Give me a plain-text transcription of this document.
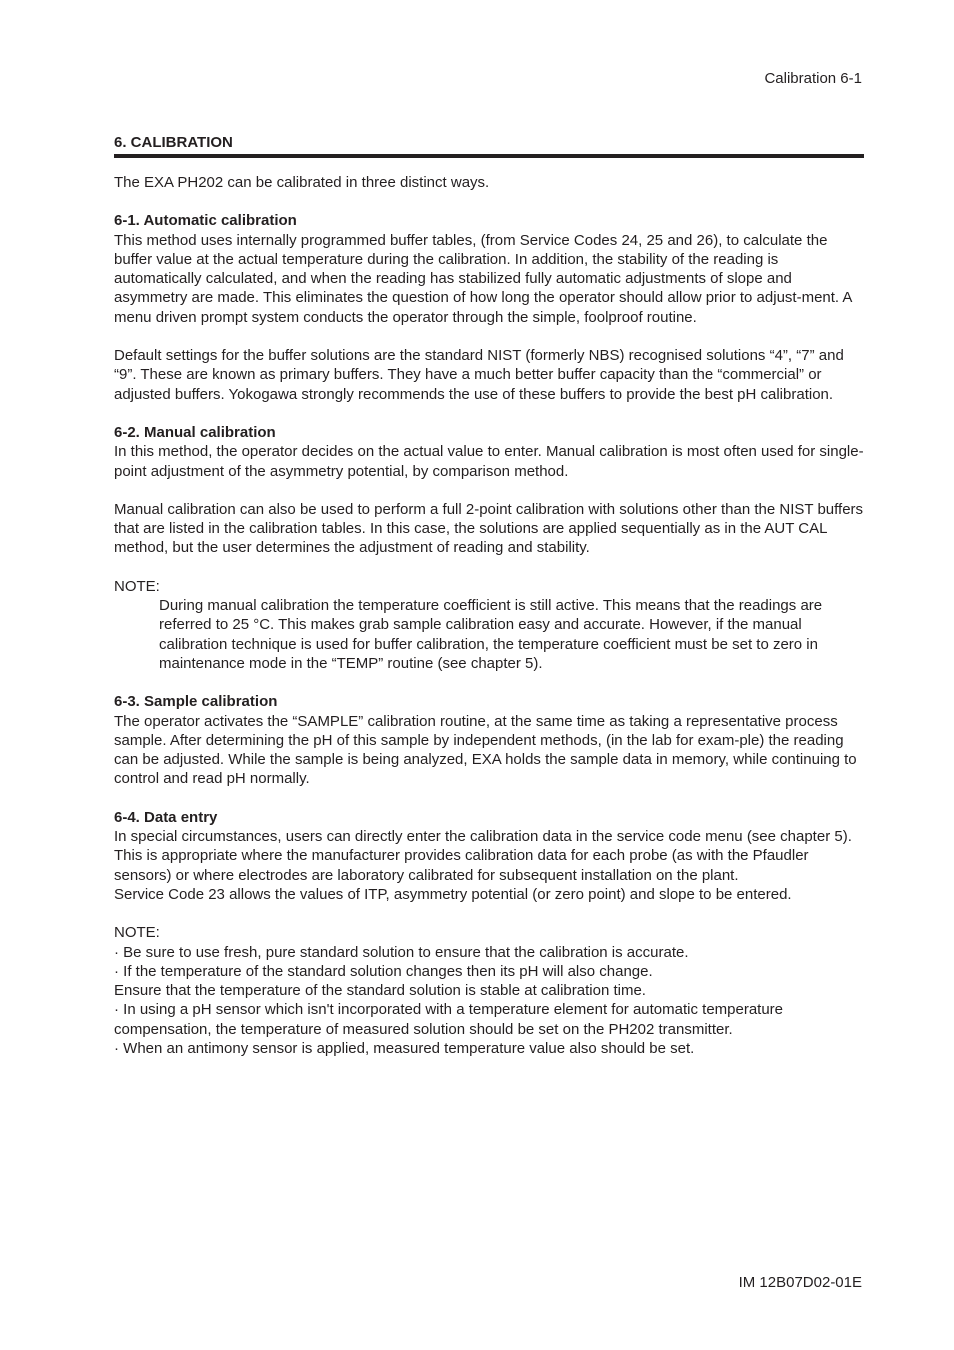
Calibration 6-1
6. CALIBRATION

The EXA PH202 can be calibrated in three distinct ways.

6-1. Automatic calibration

This method uses internally programmed buffer tables, (from Service Codes 24, 25 and 26), to calculate the buffer value at the actual temperature during the calibration. In addition, the stability of the reading is automatically calculated, and when the reading has stabilized fully automatic adjustments of slope and asymmetry are made. This eliminates the question of how long the operator should allow prior to adjust-ment. A menu driven prompt system conducts the operator through the simple, foolproof routine.

Default settings for the buffer solutions are the standard NIST (formerly NBS) recognised solutions “4”, “7” and “9”. These are known as primary buffers. They have a much better buffer capacity than the “commercial” or adjusted buffers. Yokogawa strongly recommends the use of these buffers to provide the best pH calibration.

6-2. Manual calibration

In this method, the operator decides on the actual value to enter. Manual calibration is most often used for single-point adjustment of the asymmetry potential, by comparison method.

Manual calibration can also be used to perform a full 2-point calibration with solutions other than the NIST buffers that are listed in the calibration tables. In this case, the solutions are applied sequentially as in the AUT CAL method, but the user determines the adjustment of reading and stability.

NOTE:

During manual calibration the temperature coefficient is still active. This means that the readings are referred to 25 °C. This makes grab sample calibration easy and accurate. However, if the manual calibration technique is used for buffer calibration, the temperature coefficient must be set to zero in maintenance mode in the “TEMP” routine (see chapter 5).

6-3. Sample calibration

The operator activates the “SAMPLE” calibration routine, at the same time as taking a representative process sample. After determining the pH of this sample by independent methods, (in the lab for exam-ple) the reading can be adjusted. While the sample is being analyzed, EXA holds the sample data in memory, while continuing to control and read pH normally.

6-4. Data entry

In special circumstances, users can directly enter the calibration data in the service code menu (see chapter 5). This is appropriate where the manufacturer provides calibration data for each probe (as with the Pfaudler sensors) or where electrodes are laboratory calibrated for subsequent installation on the plant.

Service Code 23 allows the values of ITP, asymmetry potential (or zero point) and slope to be entered.

NOTE:

· Be sure to use fresh, pure standard solution to ensure that the calibration is accurate.
· If the temperature of the standard solution changes then its pH will also change.
Ensure that the temperature of the standard solution is stable at calibration time.
· In using a pH sensor which isn't incorporated with a temperature element for automatic temperature
compensation, the temperature of measured solution should be set on the PH202 transmitter.
· When an antimony sensor is applied, measured temperature value also should be set.
IM 12B07D02-01E
